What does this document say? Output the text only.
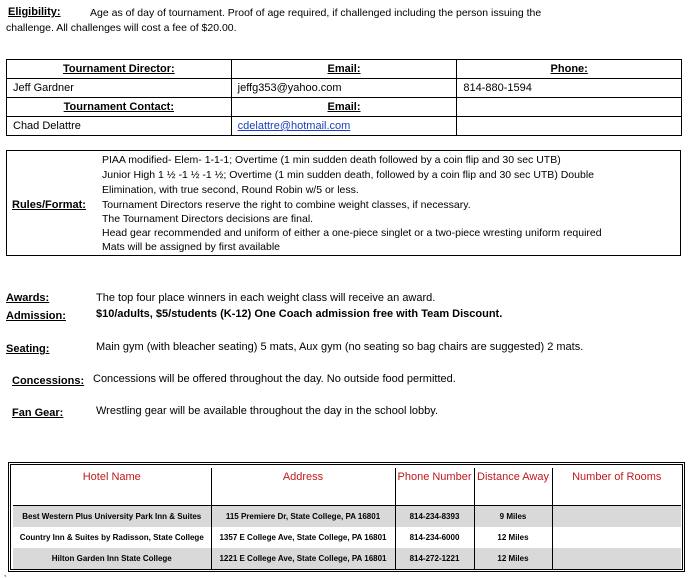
Eligibility:	Age as of day of tournament. Proof of age required, if challenged including the person issuing the
challenge. All challenges will cost a fee of $20.00.
Tournament Director:	Email:	Phone:
Jeff Gardner	jeffg353@yahoo.com	814-880-1594
Tournament Contact:	Email:	
Chad Delattre	cdelattre@hotmail.com	
Rules/Format:
PIAA modified- Elem- 1-1-1; Overtime (1 min sudden death followed by a coin flip and 30 sec UTB)
Junior High 1 ½ -1 ½ -1 ½; Overtime (1 min sudden death, followed by a coin flip and 30 sec UTB) Double
Elimination, with true second, Round Robin w/5 or less.
Tournament Directors reserve the right to combine weight classes, if necessary.
The Tournament Directors decisions are final.
Head gear recommended and uniform of either a one-piece singlet or a two-piece wresting uniform required
Mats will be assigned by first available
Awards:	The top four place winners in each weight class will receive an award.
Admission:	$10/adults, $5/students (K-12) One Coach admission free with Team Discount.
Seating:	Main gym (with bleacher seating) 5 mats, Aux gym (no seating so bag chairs are suggested) 2 mats.
Concessions: Concessions will be offered throughout the day. No outside food permitted.
Fan Gear:	Wrestling gear will be available throughout the day in the school lobby.
Hotel Name	Address	Phone Number	Distance Away	Number of Rooms
Best Western Plus University Park Inn & Suites	115 Premiere Dr, State College, PA 16801	814-234-8393	9 Miles	
Country Inn & Suites by Radisson, State College	1357 E College Ave, State College, PA 16801	814-234-6000	12 Miles	
Hilton Garden Inn State College	1221 E College Ave, State College, PA 16801	814-272-1221	12 Miles	
,
